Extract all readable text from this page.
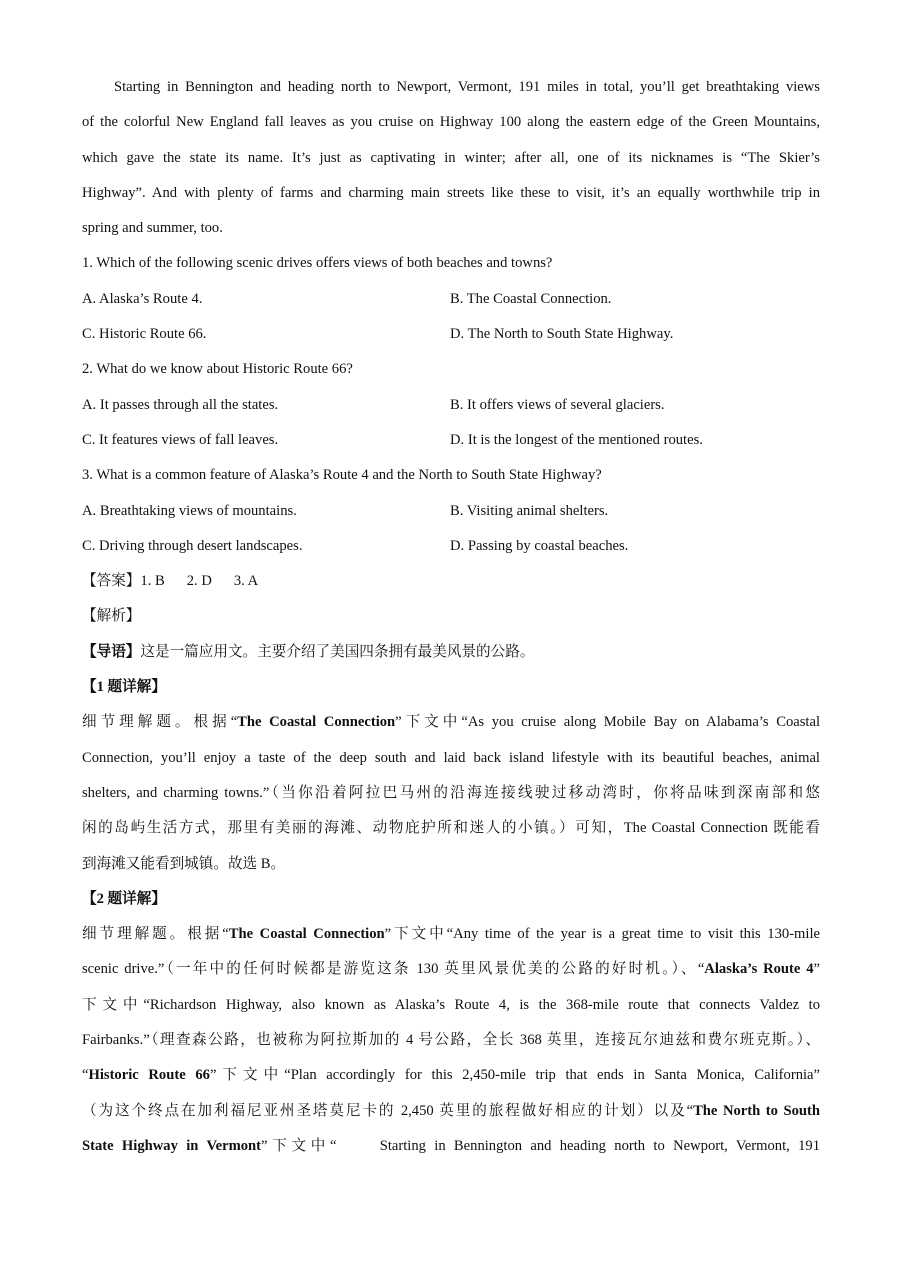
Starting in Bennington and heading north to Newport, Vermont, 191 miles in total, you’ll get breathtaking views
of the colorful New England fall leaves as you cruise on Highway 100 along the eastern edge of the Green Mountains,
which gave the state its name. It’s just as captivating in winter; after all, one of its nicknames is “The Skier’s
Highway”. And with plenty of farms and charming main streets like these to visit, it’s an equally worthwhile trip in
spring and summer, too.
1. Which of the following scenic drives offers views of both beaches and towns?
A. Alaska’s Route 4.	B. The Coastal Connection.
C. Historic Route 66.	D. The North to South State Highway.
2. What do we know about Historic Route 66?
A. It passes through all the states.	B. It offers views of several glaciers.
C. It features views of fall leaves.	D. It is the longest of the mentioned routes.
3. What is a common feature of Alaska’s Route 4 and the North to South State Highway?
A. Breathtaking views of mountains.	B. Visiting animal shelters.
C. Driving through desert landscapes.	D. Passing by coastal beaches.
【答案】1. B 2. D 3. A
【解析】
【导语】这是一篇应用文。主要介绍了美国四条拥有最美风景的公路。
【1 题详解】
细节理解题。根据“The Coastal Connection”下文中“As you cruise along Mobile Bay on Alabama’s Coastal
Connection, you’ll enjoy a taste of the deep south and laid back island lifestyle with its beautiful beaches, animal
shelters, and charming towns.”（当你沿着阿拉巴马州的沿海连接线驶过移动湾时，你将品味到深南部和悠
闲的岛屿生活方式，那里有美丽的海滩、动物庇护所和迷人的小镇。）可知，The Coastal Connection 既能看
到海滩又能看到城镇。故选 B。
【2 题详解】
细节理解题。根据“The Coastal Connection”下文中“Any time of the year is a great time to visit this 130-mile
scenic drive.”（一年中的任何时候都是游览这条 130 英里风景优美的公路的好时机。）、“Alaska’s Route 4”
下文中“Richardson Highway, also known as Alaska’s Route 4, is the 368-mile route that connects Valdez to
Fairbanks.”（理查森公路，也被称为阿拉斯加的 4 号公路，全长 368 英里，连接瓦尔迪兹和费尔班克斯。）、
“Historic Route 66”下文中“Plan accordingly for this 2,450-mile trip that ends in Santa Monica, California”
（为这个终点在加利福尼亚州圣塔莫尼卡的 2,450 英里的旅程做好相应的计划）以及“The North to South
State Highway in Vermont”下文中“　　Starting in Bennington and heading north to Newport, Vermont, 191
